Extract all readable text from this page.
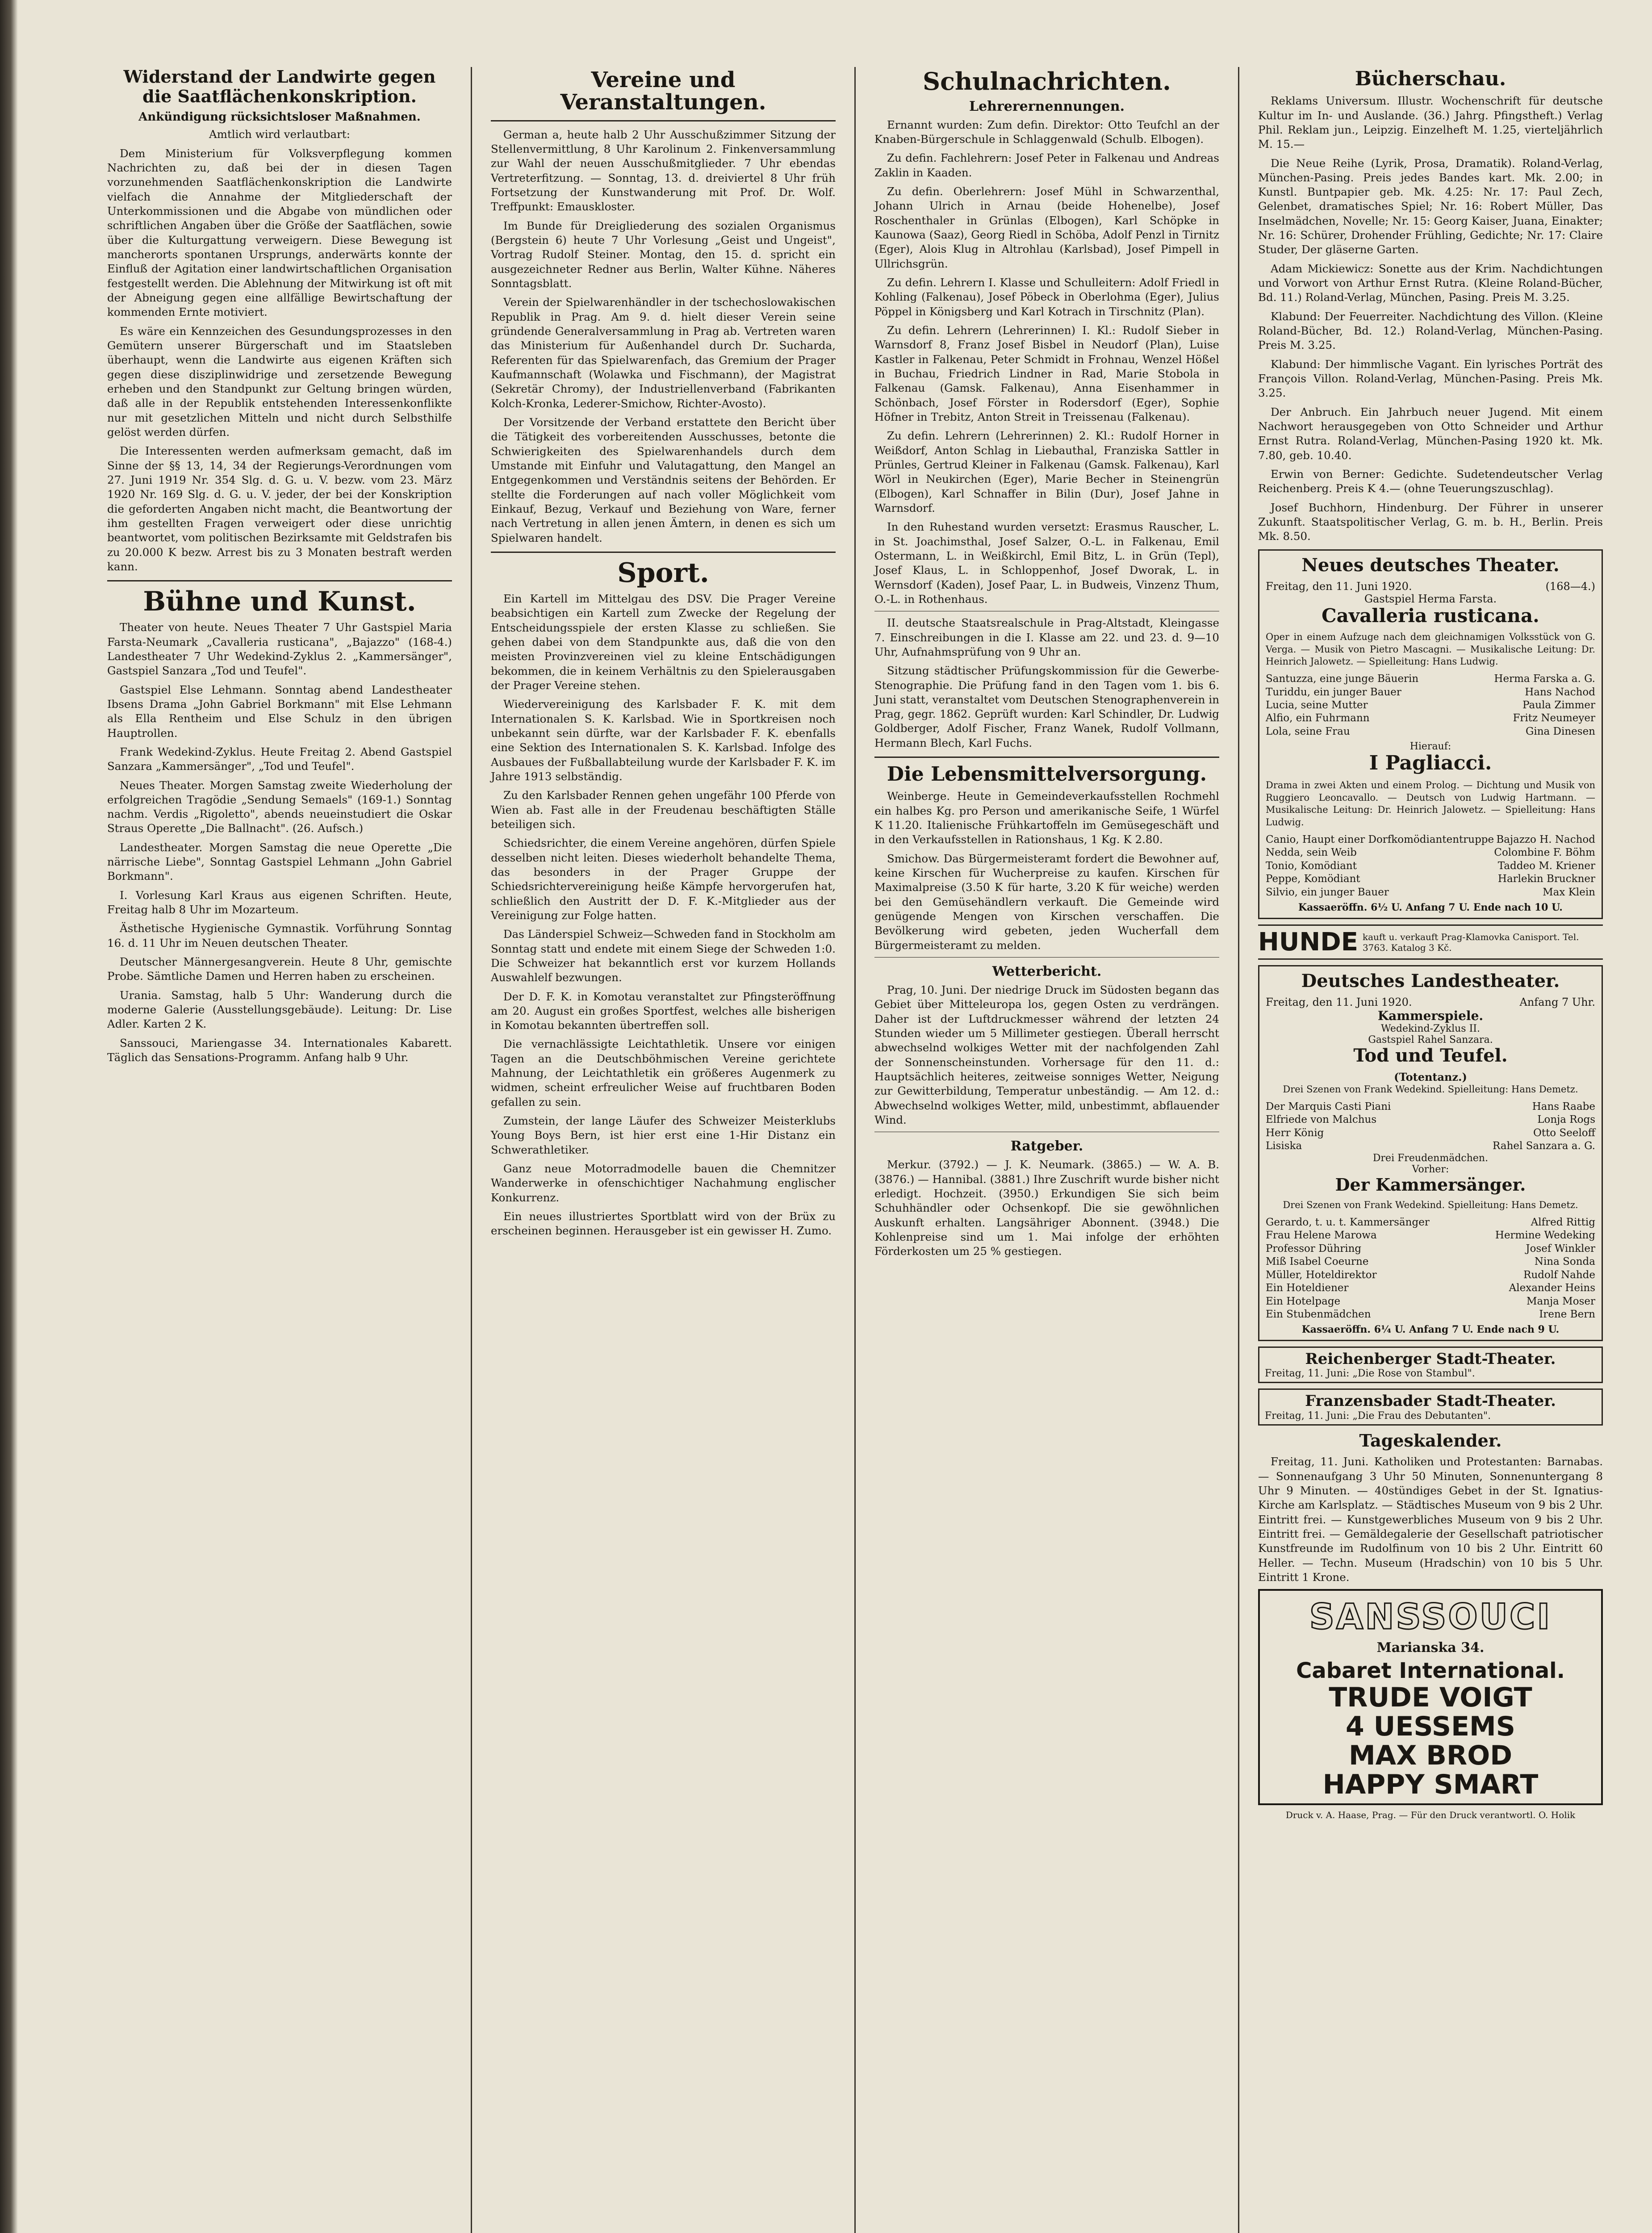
Widerstand der Landwirte gegen die Saatflächenkonskription.
Ankündigung rücksichtsloser Maßnahmen.

Amtlich wird verlautbart:

Dem Ministerium für Volksverpflegung kommen Nachrichten zu, daß bei der in diesen Tagen vorzunehmenden Saatflächenkonskription die Landwirte vielfach die Annahme der Mitgliederschaft der Unterkommissionen und die Abgabe von mündlichen oder schriftlichen Angaben über die Größe der Saatflächen, sowie über die Kulturgattung verweigern. Diese Bewegung ist mancherorts spontanen Ursprungs, anderwärts konnte der Einfluß der Agitation einer landwirtschaftlichen Organisation festgestellt werden. Die Ablehnung der Mitwirkung ist oft mit der Abneigung gegen eine allfällige Bewirtschaftung der kommenden Ernte motiviert.

Es wäre ein Kennzeichen des Gesundungsprozesses in den Gemütern unserer Bürgerschaft und im Staatsleben überhaupt, wenn die Landwirte aus eigenen Kräften sich gegen diese disziplinwidrige und zersetzende Bewegung erheben und den Standpunkt zur Geltung bringen würden, daß alle in der Republik entstehenden Interessenkonflikte nur mit gesetzlichen Mitteln und nicht durch Selbsthilfe gelöst werden dürfen.

Die Interessenten werden aufmerksam gemacht, daß im Sinne der §§ 13, 14, 34 der Regierungs-Verordnungen vom 27. Juni 1919 Nr. 354 Slg. d. G. u. V. bezw. vom 23. März 1920 Nr. 169 Slg. d. G. u. V. jeder, der bei der Konskription die geforderten Angaben nicht macht, die Beantwortung der ihm gestellten Fragen verweigert oder diese unrichtig beantwortet, vom politischen Bezirksamte mit Geldstrafen bis zu 20.000 K bezw. Arrest bis zu 3 Monaten bestraft werden kann.

Bühne und Kunst.

Theater von heute. Neues Theater 7 Uhr Gastspiel Maria Farsta-Neumark „Cavalleria rusticana", „Bajazzo" (168-4.) Landestheater 7 Uhr Wedekind-Zyklus 2. „Kammersänger", Gastspiel Sanzara „Tod und Teufel".

Gastspiel Else Lehmann. Sonntag abend Landestheater Ibsens Drama „John Gabriel Borkmann" mit Else Lehmann als Ella Rentheim und Else Schulz in den übrigen Hauptrollen.

Frank Wedekind-Zyklus. Heute Freitag 2. Abend Gastspiel Sanzara „Kammersänger", „Tod und Teufel".

Neues Theater. Morgen Samstag zweite Wiederholung der erfolgreichen Tragödie „Sendung Semaels" (169-1.) Sonntag nachm. Verdis „Rigoletto", abends neueinstudiert die Oskar Straus Operette „Die Ballnacht". (26. Aufsch.)

Landestheater. Morgen Samstag die neue Operette „Die närrische Liebe", Sonntag Gastspiel Lehmann „John Gabriel Borkmann".

I. Vorlesung Karl Kraus aus eigenen Schriften. Heute, Freitag halb 8 Uhr im Mozarteum.

Ästhetische Hygienische Gymnastik. Vorführung Sonntag 16. d. 11 Uhr im Neuen deutschen Theater.

Deutscher Männergesangverein. Heute 8 Uhr, gemischte Probe. Sämtliche Damen und Herren haben zu erscheinen.

Urania. Samstag, halb 5 Uhr: Wanderung durch die moderne Galerie (Ausstellungsgebäude). Leitung: Dr. Lise Adler. Karten 2 K.

Sanssouci, Mariengasse 34. Internationales Kabarett. Täglich das Sensations-Programm. Anfang halb 9 Uhr.

Vereine und Veranstaltungen.

German a, heute halb 2 Uhr Ausschußzimmer Sitzung der Stellenvermittlung, 8 Uhr Karolinum 2. Finkenversammlung zur Wahl der neuen Ausschußmitglieder. 7 Uhr ebendas Vertreterfitzung. — Sonntag, 13. d. dreiviertel 8 Uhr früh Fortsetzung der Kunstwanderung mit Prof. Dr. Wolf. Treffpunkt: Emauskloster.

Im Bunde für Dreigliederung des sozialen Organismus (Bergstein 6) heute 7 Uhr Vorlesung „Geist und Ungeist", Vortrag Rudolf Steiner. Montag, den 15. d. spricht ein ausgezeichneter Redner aus Berlin, Walter Kühne. Näheres Sonntagsblatt.

Verein der Spielwarenhändler in der tschechoslowakischen Republik in Prag. Am 9. d. hielt dieser Verein seine gründende Generalversammlung in Prag ab. Vertreten waren das Ministerium für Außenhandel durch Dr. Sucharda, Referenten für das Spielwarenfach, das Gremium der Prager Kaufmannschaft (Wolawka und Fischmann), der Magistrat (Sekretär Chromy), der Industriellenverband (Fabrikanten Kolch-Kronka, Lederer-Smichow, Richter-Avosto).

Der Vorsitzende der Verband erstattete den Bericht über die Tätigkeit des vorbereitenden Ausschusses, betonte die Schwierigkeiten des Spielwarenhandels durch dem Umstande mit Einfuhr und Valutagattung, den Mangel an Entgegenkommen und Verständnis seitens der Behörden. Er stellte die Forderungen auf nach voller Möglichkeit vom Einkauf, Bezug, Verkauf und Beziehung von Ware, ferner nach Vertretung in allen jenen Ämtern, in denen es sich um Spielwaren handelt.

Sport.

Ein Kartell im Mittelgau des DSV. Die Prager Vereine beabsichtigen ein Kartell zum Zwecke der Regelung der Entscheidungsspiele der ersten Klasse zu schließen. Sie gehen dabei von dem Standpunkte aus, daß die von den meisten Provinzvereinen viel zu kleine Entschädigungen bekommen, die in keinem Verhältnis zu den Spielerausgaben der Prager Vereine stehen.

Wiedervereinigung des Karlsbader F. K. mit dem Internationalen S. K. Karlsbad. Wie in Sportkreisen noch unbekannt sein dürfte, war der Karlsbader F. K. ebenfalls eine Sektion des Internationalen S. K. Karlsbad. Infolge des Ausbaues der Fußballabteilung wurde der Karlsbader F. K. im Jahre 1913 selbständig.

Zu den Karlsbader Rennen gehen ungefähr 100 Pferde von Wien ab. Fast alle in der Freudenau beschäftigten Ställe beteiligen sich.

Schiedsrichter, die einem Vereine angehören, dürfen Spiele desselben nicht leiten. Dieses wiederholt behandelte Thema, das besonders in der Prager Gruppe der Schiedsrichtervereinigung heiße Kämpfe hervorgerufen hat, schließlich den Austritt der D. F. K.-Mitglieder aus der Vereinigung zur Folge hatten.

Das Länderspiel Schweiz—Schweden fand in Stockholm am Sonntag statt und endete mit einem Siege der Schweden 1:0. Die Schweizer hat bekanntlich erst vor kurzem Hollands Auswahlelf bezwungen.

Der D. F. K. in Komotau veranstaltet zur Pfingsteröffnung am 20. August ein großes Sportfest, welches alle bisherigen in Komotau bekannten übertreffen soll.

Die vernachlässigte Leichtathletik. Unsere vor einigen Tagen an die Deutschböhmischen Vereine gerichtete Mahnung, der Leichtathletik ein größeres Augenmerk zu widmen, scheint erfreulicher Weise auf fruchtbaren Boden gefallen zu sein.

Zumstein, der lange Läufer des Schweizer Meisterklubs Young Boys Bern, ist hier erst eine 1-Hir Distanz ein Schwerathletiker.

Ganz neue Motorradmodelle bauen die Chemnitzer Wanderwerke in ofenschichtiger Nachahmung englischer Konkurrenz.

Ein neues illustriertes Sportblatt wird von der Brüx zu erscheinen beginnen. Herausgeber ist ein gewisser H. Zumo.

Schulnachrichten.
Lehrerernennungen.

Ernannt wurden: Zum defin. Direktor: Otto Teufchl an der Knaben-Bürgerschule in Schlaggenwald (Schulb. Elbogen).

Zu defin. Fachlehrern: Josef Peter in Falkenau und Andreas Zaklin in Kaaden.

Zu defin. Oberlehrern: Josef Mühl in Schwarzenthal, Johann Ulrich in Arnau (beide Hohenelbe), Josef Roschenthaler in Grünlas (Elbogen), Karl Schöpke in Kaunowa (Saaz), Georg Riedl in Schöba, Adolf Penzl in Tirnitz (Eger), Alois Klug in Altrohlau (Karlsbad), Josef Pimpell in Ullrichsgrün.

Zu defin. Lehrern I. Klasse und Schulleitern: Adolf Friedl in Kohling (Falkenau), Josef Pöbeck in Oberlohma (Eger), Julius Pöppel in Königsberg und Karl Kotrach in Tirschnitz (Plan).

Zu defin. Lehrern (Lehrerinnen) I. Kl.: Rudolf Sieber in Warnsdorf 8, Franz Josef Bisbel in Neudorf (Plan), Luise Kastler in Falkenau, Peter Schmidt in Frohnau, Wenzel Hößel in Buchau, Friedrich Lindner in Rad, Marie Stobola in Falkenau (Gamsk. Falkenau), Anna Eisenhammer in Schönbach, Josef Förster in Rodersdorf (Eger), Sophie Höfner in Trebitz, Anton Streit in Treissenau (Falkenau).

Zu defin. Lehrern (Lehrerinnen) 2. Kl.: Rudolf Horner in Weißdorf, Anton Schlag in Liebauthal, Franziska Sattler in Prünles, Gertrud Kleiner in Falkenau (Gamsk. Falkenau), Karl Wörl in Neukirchen (Eger), Marie Becher in Steinengrün (Elbogen), Karl Schnaffer in Bilin (Dur), Josef Jahne in Warnsdorf.

In den Ruhestand wurden versetzt: Erasmus Rauscher, L. in St. Joachimsthal, Josef Salzer, O.-L. in Falkenau, Emil Ostermann, L. in Weißkirchl, Emil Bitz, L. in Grün (Tepl), Josef Klaus, L. in Schloppenhof, Josef Dworak, L. in Wernsdorf (Kaden), Josef Paar, L. in Budweis, Vinzenz Thum, O.-L. in Rothenhaus.

II. deutsche Staatsrealschule in Prag-Altstadt, Kleingasse 7. Einschreibungen in die I. Klasse am 22. und 23. d. 9—10 Uhr, Aufnahmsprüfung von 9 Uhr an.

Sitzung städtischer Prüfungskommission für die Gewerbe-Stenographie. Die Prüfung fand in den Tagen vom 1. bis 6. Juni statt, veranstaltet vom Deutschen Stenographenverein in Prag, gegr. 1862. Geprüft wurden: Karl Schindler, Dr. Ludwig Goldberger, Adolf Fischer, Franz Wanek, Rudolf Vollmann, Hermann Blech, Karl Fuchs.

Die Lebensmittelversorgung.

Weinberge. Heute in Gemeindeverkaufsstellen Rochmehl ein halbes Kg. pro Person und amerikanische Seife, 1 Würfel K 11.20. Italienische Frühkartoffeln im Gemüsegeschäft und in den Verkaufsstellen in Rationshaus, 1 Kg. K 2.80.

Smichow. Das Bürgermeisteramt fordert die Bewohner auf, keine Kirschen für Wucherpreise zu kaufen. Kirschen für Maximalpreise (3.50 K für harte, 3.20 K für weiche) werden bei den Gemüsehändlern verkauft. Die Gemeinde wird genügende Mengen von Kirschen verschaffen. Die Bevölkerung wird gebeten, jeden Wucherfall dem Bürgermeisteramt zu melden.

Wetterbericht.

Prag, 10. Juni. Der niedrige Druck im Südosten begann das Gebiet über Mitteleuropa los, gegen Osten zu verdrängen. Daher ist der Luftdruckmesser während der letzten 24 Stunden wieder um 5 Millimeter gestiegen. Überall herrscht abwechselnd wolkiges Wetter mit der nachfolgenden Zahl der Sonnenscheinstunden. Vorhersage für den 11. d.: Hauptsächlich heiteres, zeitweise sonniges Wetter, Neigung zur Gewitterbildung, Temperatur unbeständig. — Am 12. d.: Abwechselnd wolkiges Wetter, mild, unbestimmt, abflauender Wind.

Ratgeber.

Merkur. (3792.) — J. K. Neumark. (3865.) — W. A. B. (3876.) — Hannibal. (3881.) Ihre Zuschrift wurde bisher nicht erledigt. Hochzeit. (3950.) Erkundigen Sie sich beim Schuhhändler oder Ochsenkopf. Die sie gewöhnlichen Auskunft erhalten. Langsähriger Abonnent. (3948.) Die Kohlenpreise sind um 1. Mai infolge der erhöhten Förderkosten um 25 % gestiegen.

Bücherschau.

Reklams Universum. Illustr. Wochenschrift für deutsche Kultur im In- und Auslande. (36.) Jahrg. Pfingstheft.) Verlag Phil. Reklam jun., Leipzig. Einzelheft M. 1.25, vierteljährlich M. 15.—

Die Neue Reihe (Lyrik, Prosa, Dramatik). Roland-Verlag, München-Pasing. Preis jedes Bandes kart. Mk. 2.00; in Kunstl. Buntpapier geb. Mk. 4.25: Nr. 17: Paul Zech, Gelenbet, dramatisches Spiel; Nr. 16: Robert Müller, Das Inselmädchen, Novelle; Nr. 15: Georg Kaiser, Juana, Einakter; Nr. 16: Schürer, Drohender Frühling, Gedichte; Nr. 17: Claire Studer, Der gläserne Garten.

Adam Mickiewicz: Sonette aus der Krim. Nachdichtungen und Vorwort von Arthur Ernst Rutra. (Kleine Roland-Bücher, Bd. 11.) Roland-Verlag, München, Pasing. Preis M. 3.25.

Klabund: Der Feuerreiter. Nachdichtung des Villon. (Kleine Roland-Bücher, Bd. 12.) Roland-Verlag, München-Pasing. Preis M. 3.25.

Klabund: Der himmlische Vagant. Ein lyrisches Porträt des François Villon. Roland-Verlag, München-Pasing. Preis Mk. 3.25.

Der Anbruch. Ein Jahrbuch neuer Jugend. Mit einem Nachwort herausgegeben von Otto Schneider und Arthur Ernst Rutra. Roland-Verlag, München-Pasing 1920 kt. Mk. 7.80, geb. 10.40.

Erwin von Berner: Gedichte. Sudetendeutscher Verlag Reichenberg. Preis K 4.— (ohne Teuerungszuschlag).

Josef Buchhorn, Hindenburg. Der Führer in unserer Zukunft. Staatspolitischer Verlag, G. m. b. H., Berlin. Preis Mk. 8.50.

Neues deutsches Theater.
Freitag, den 11. Juni 1920.	(168—4.)
Gastspiel Herma Farsta.
Cavalleria rusticana.

Oper in einem Aufzuge nach dem gleichnamigen Volksstück von G. Verga. — Musik von Pietro Mascagni. — Musikalische Leitung: Dr. Heinrich Jalowetz. — Spielleitung: Hans Ludwig.

Santuzza, eine junge Bäuerin	Herma Farska a. G.
Turiddu, ein junger Bauer	Hans Nachod
Lucia, seine Mutter	Paula Zimmer
Alfio, ein Fuhrmann	Fritz Neumeyer
Lola, seine Frau	Gina Dinesen
Hierauf:
I Pagliacci.

Drama in zwei Akten und einem Prolog. — Dichtung und Musik von Ruggiero Leoncavallo. — Deutsch von Ludwig Hartmann. — Musikalische Leitung: Dr. Heinrich Jalowetz. — Spielleitung: Hans Ludwig.

Canio, Haupt einer Dorfkomödiantentruppe Bajazzo H. Nachod
Nedda, sein Weib	Colombine F. Böhm
Tonio, Komödiant	Taddeo M. Kriener
Peppe, Komödiant	Harlekin Bruckner
Silvio, ein junger Bauer	Max Klein
Kassaeröffn. 6½ U. Anfang 7 U. Ende nach 10 U.
HUNDE kauft u. verkauft Prag-Klamovka Canisport. Tel. 3763. Katalog 3 Kč.
Deutsches Landestheater.
Freitag, den 11. Juni 1920.	Anfang 7 Uhr.
Kammerspiele.
Wedekind-Zyklus II.
Gastspiel Rahel Sanzara.
Tod und Teufel.
(Totentanz.)

Drei Szenen von Frank Wedekind. Spielleitung: Hans Demetz.

Der Marquis Casti Piani	Hans Raabe
Elfriede von Malchus	Lonja Rogs
Herr König	Otto Seeloff
Lisiska	Rahel Sanzara a. G.
Drei Freudenmädchen.
Vorher:
Der Kammersänger.

Drei Szenen von Frank Wedekind. Spielleitung: Hans Demetz.

Gerardo, t. u. t. Kammersänger	Alfred Rittig
Frau Helene Marowa	Hermine Wedeking
Professor Dühring	Josef Winkler
Miß Isabel Coeurne	Nina Sonda
Müller, Hoteldirektor	Rudolf Nahde
Ein Hoteldiener	Alexander Heins
Ein Hotelpage	Manja Moser
Ein Stubenmädchen	Irene Bern
Kassaeröffn. 6¼ U. Anfang 7 U. Ende nach 9 U.
Reichenberger Stadt-Theater.
Freitag, 11. Juni: „Die Rose von Stambul".
Franzensbader Stadt-Theater.
Freitag, 11. Juni: „Die Frau des Debutanten".
Tageskalender.

Freitag, 11. Juni. Katholiken und Protestanten: Barnabas. — Sonnenaufgang 3 Uhr 50 Minuten, Sonnenuntergang 8 Uhr 9 Minuten. — 40stündiges Gebet in der St. Ignatius-Kirche am Karlsplatz. — Städtisches Museum von 9 bis 2 Uhr. Eintritt frei. — Kunstgewerbliches Museum von 9 bis 2 Uhr. Eintritt frei. — Gemäldegalerie der Gesellschaft patriotischer Kunstfreunde im Rudolfinum von 10 bis 2 Uhr. Eintritt 60 Heller. — Techn. Museum (Hradschin) von 10 bis 5 Uhr. Eintritt 1 Krone.

SANSSOUCI
Marianska 34.
Cabaret International.
TRUDE VOIGT
4 UESSEMS
MAX BROD
HAPPY SMART
Druck v. A. Haase, Prag. — Für den Druck verantwortl. O. Holik
